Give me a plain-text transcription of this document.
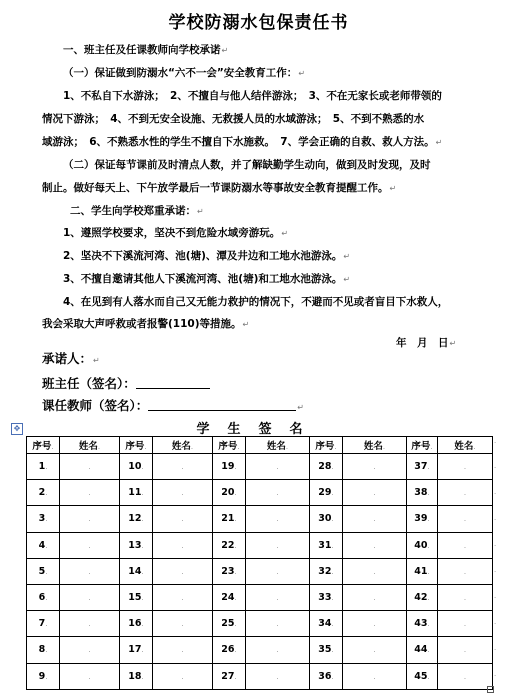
学校防溺水包保责任书
一、班主任及任课教师向学校承诺↵
（一）保证做到防溺水“六不一会”安全教育工作：↵
1、不私自下水游泳；　2、不擅自与他人结伴游泳；　3、不在无家长或老师带领的
情况下游泳；　4、不到无安全设施、无救援人员的水域游泳；　5、不到不熟悉的水
域游泳；　6、不熟悉水性的学生不擅自下水施救。　7、学会正确的自救、救人方法。↵
（二）保证每节课前及时清点人数，并了解缺勤学生动向，做到及时发现，及时
制止。做好每天上、下午放学最后一节课防溺水等事故安全教育提醒工作。↵
二、学生向学校郑重承诺：↵
1、遵照学校要求，坚决不到危险水域旁游玩。↵
2、坚决不下溪流河湾、池(塘)、潭及井边和工地水池游泳。↵
3、不擅自邀请其他人下溪流河湾、池(塘)和工地水池游泳。↵
4、在见到有人落水而自己又无能力救护的情况下，不避而不见或者盲目下水救人，
我会采取大声呼救或者报警(110)等措施。↵
年　月　日↵
承诺人：↵
班主任（签名）：
课任教师（签名）：	↵
✥	学生签名
序号.	姓名.	序号.	姓名.	序号.	姓名.	序号.	姓名.	序号.	姓名.
1.	.	10.	.	19.	.	28.	.	37.	.
2.	.	11.	.	20.	.	29.	.	38.	.
3.	.	12.	.	21.	.	30.	.	39.	.
4.	.	13.	.	22.	.	31.	.	40.	.
5.	.	14.	.	23.	.	32.	.	41.	.
6.	.	15.	.	24.	.	33.	.	42.	.
7.	.	16.	.	25.	.	34.	.	43.	.
8.	.	17.	.	26.	.	35.	.	44.	.
9.	.	18.	.	27.	.	36.	.	45.	.
.
.
.
.
.
.
.
.
.
.
